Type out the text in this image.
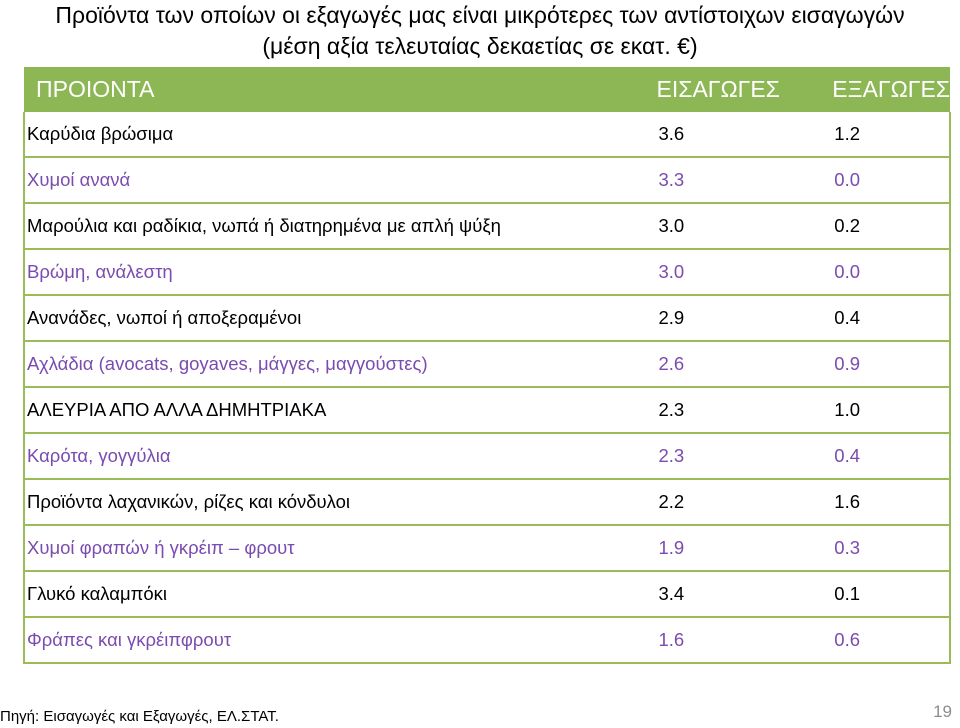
Προϊόντα των οποίων οι εξαγωγές μας είναι μικρότερες των αντίστοιχων εισαγωγών
(μέση αξία τελευταίας δεκαετίας σε εκατ. €)
ΠΡΟΙΟΝΤΑ	ΕΙΣΑΓΩΓΕΣ	ΕΞΑΓΩΓΕΣ
Καρύδια βρώσιμα	3.6	1.2
Χυμοί ανανά	3.3	0.0
Μαρούλια και ραδίκια, νωπά ή διατηρημένα με απλή ψύξη	3.0	0.2
Βρώμη, ανάλεστη	3.0	0.0
Ανανάδες, νωποί ή αποξεραμένοι	2.9	0.4
Αχλάδια (avocats, goyaves, μάγγες, μαγγούστες)	2.6	0.9
ΑΛΕΥΡΙΑ ΑΠΟ ΑΛΛΑ ΔΗΜΗΤΡΙΑΚΑ	2.3	1.0
Καρότα, γογγύλια	2.3	0.4
Προϊόντα λαχανικών, ρίζες και κόνδυλοι	2.2	1.6
Χυμοί φραπών ή γκρέιπ – φρουτ	1.9	0.3
Γλυκό καλαμπόκι	3.4	0.1
Φράπες και γκρέιπφρουτ	1.6	0.6
Πηγή: Εισαγωγές και Εξαγωγές, ΕΛ.ΣΤΑΤ.	19
